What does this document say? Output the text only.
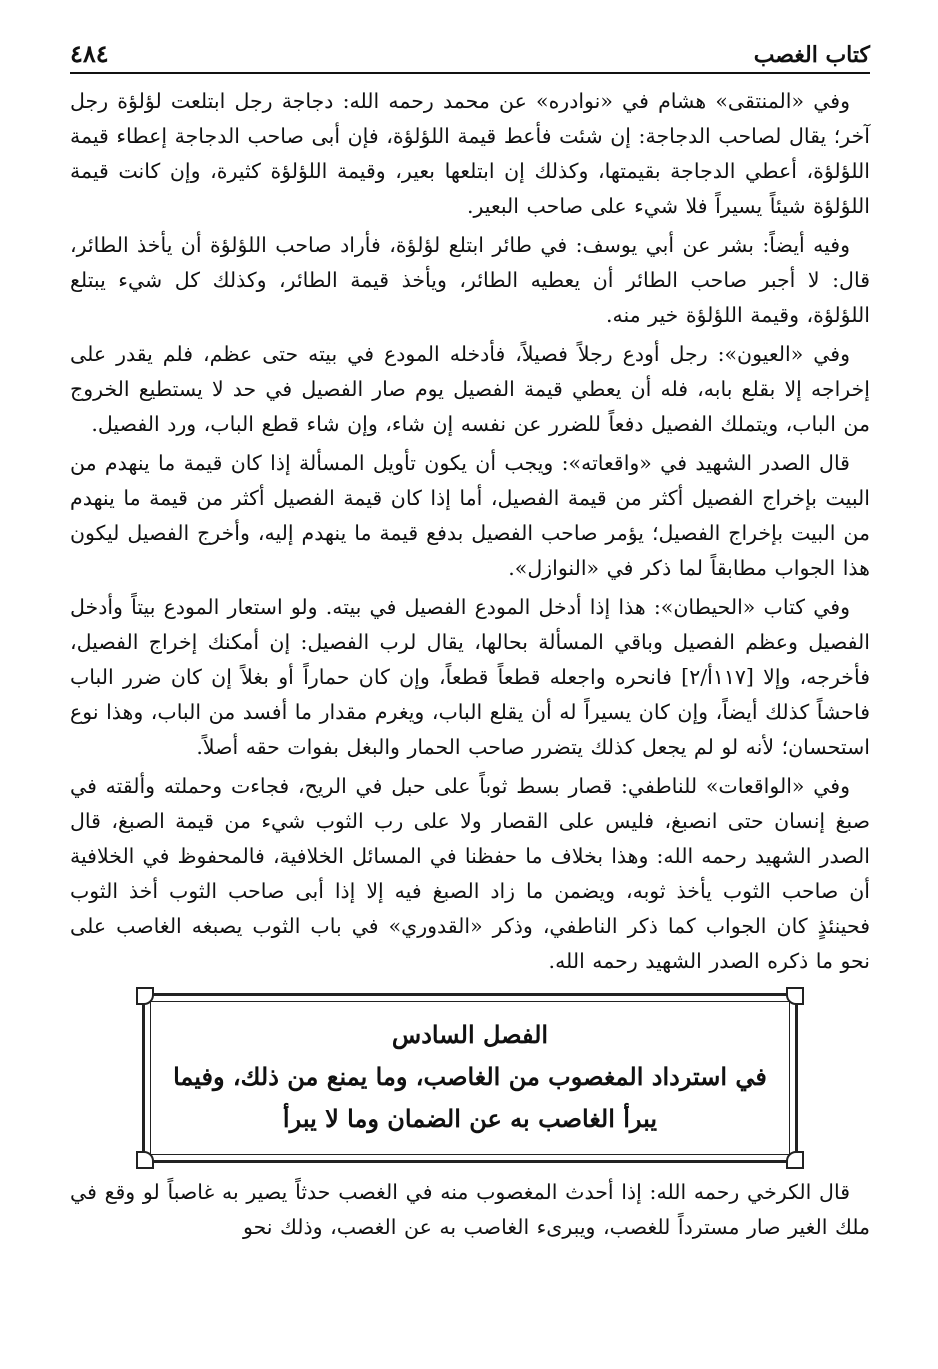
كتاب الغصب
٤٨٤

وفي «المنتقى» هشام في «نوادره» عن محمد رحمه الله: دجاجة رجل ابتلعت لؤلؤة رجل آخر؛ يقال لصاحب الدجاجة: إن شئت فأعط قيمة اللؤلؤة، فإن أبى صاحب الدجاجة إعطاء قيمة اللؤلؤة، أعطي الدجاجة بقيمتها، وكذلك إن ابتلعها بعير، وقيمة اللؤلؤة كثيرة، وإن كانت قيمة اللؤلؤة شيئاً يسيراً فلا شيء على صاحب البعير.

وفيه أيضاً: بشر عن أبي يوسف: في طائر ابتلع لؤلؤة، فأراد صاحب اللؤلؤة أن يأخذ الطائر، قال: لا أجبر صاحب الطائر أن يعطيه الطائر، ويأخذ قيمة الطائر، وكذلك كل شيء يبتلع اللؤلؤة، وقيمة اللؤلؤة خير منه.

وفي «العيون»: رجل أودع رجلاً فصيلاً، فأدخله المودع في بيته حتى عظم، فلم يقدر على إخراجه إلا بقلع بابه، فله أن يعطي قيمة الفصيل يوم صار الفصيل في حد لا يستطيع الخروج من الباب، ويتملك الفصيل دفعاً للضرر عن نفسه إن شاء، وإن شاء قطع الباب، ورد الفصيل.

قال الصدر الشهيد في «واقعاته»: ويجب أن يكون تأويل المسألة إذا كان قيمة ما ينهدم من البيت بإخراج الفصيل أكثر من قيمة الفصيل، أما إذا كان قيمة الفصيل أكثر من قيمة ما ينهدم من البيت بإخراج الفصيل؛ يؤمر صاحب الفصيل بدفع قيمة ما ينهدم إليه، وأخرج الفصيل ليكون هذا الجواب مطابقاً لما ذكر في «النوازل».

وفي كتاب «الحيطان»: هذا إذا أدخل المودع الفصيل في بيته. ولو استعار المودع بيتاً وأدخل الفصيل وعظم الفصيل وباقي المسألة بحالها، يقال لرب الفصيل: إن أمكنك إخراج الفصيل، فأخرجه، وإلا [١١٧أ/٢] فانحره واجعله قطعاً قطعاً، وإن كان حماراً أو بغلاً إن كان ضرر الباب فاحشاً كذلك أيضاً، وإن كان يسيراً له أن يقلع الباب، ويغرم مقدار ما أفسد من الباب، وهذا نوع استحسان؛ لأنه لو لم يجعل كذلك يتضرر صاحب الحمار والبغل بفوات حقه أصلاً.

وفي «الواقعات» للناطفي: قصار بسط ثوباً على حبل في الريح، فجاءت وحملته وألقته في صبغ إنسان حتى انصبغ، فليس على القصار ولا على رب الثوب شيء من قيمة الصبغ، قال الصدر الشهيد رحمه الله: وهذا بخلاف ما حفظنا في المسائل الخلافية، فالمحفوظ في الخلافية أن صاحب الثوب يأخذ ثوبه، ويضمن ما زاد الصبغ فيه إلا إذا أبى صاحب الثوب أخذ الثوب فحينئذٍ كان الجواب كما ذكر الناطفي، وذكر «القدوري» في باب الثوب يصبغه الغاصب على نحو ما ذكره الصدر الشهيد رحمه الله.

الفصل السادس
في استرداد المغصوب من الغاصب، وما يمنع من ذلك، وفيما يبرأ الغاصب به عن الضمان وما لا يبرأ

قال الكرخي رحمه الله: إذا أحدث المغصوب منه في الغصب حدثاً يصير به غاصباً لو وقع في ملك الغير صار مسترداً للغصب، ويبرىء الغاصب به عن الغصب، وذلك نحو
